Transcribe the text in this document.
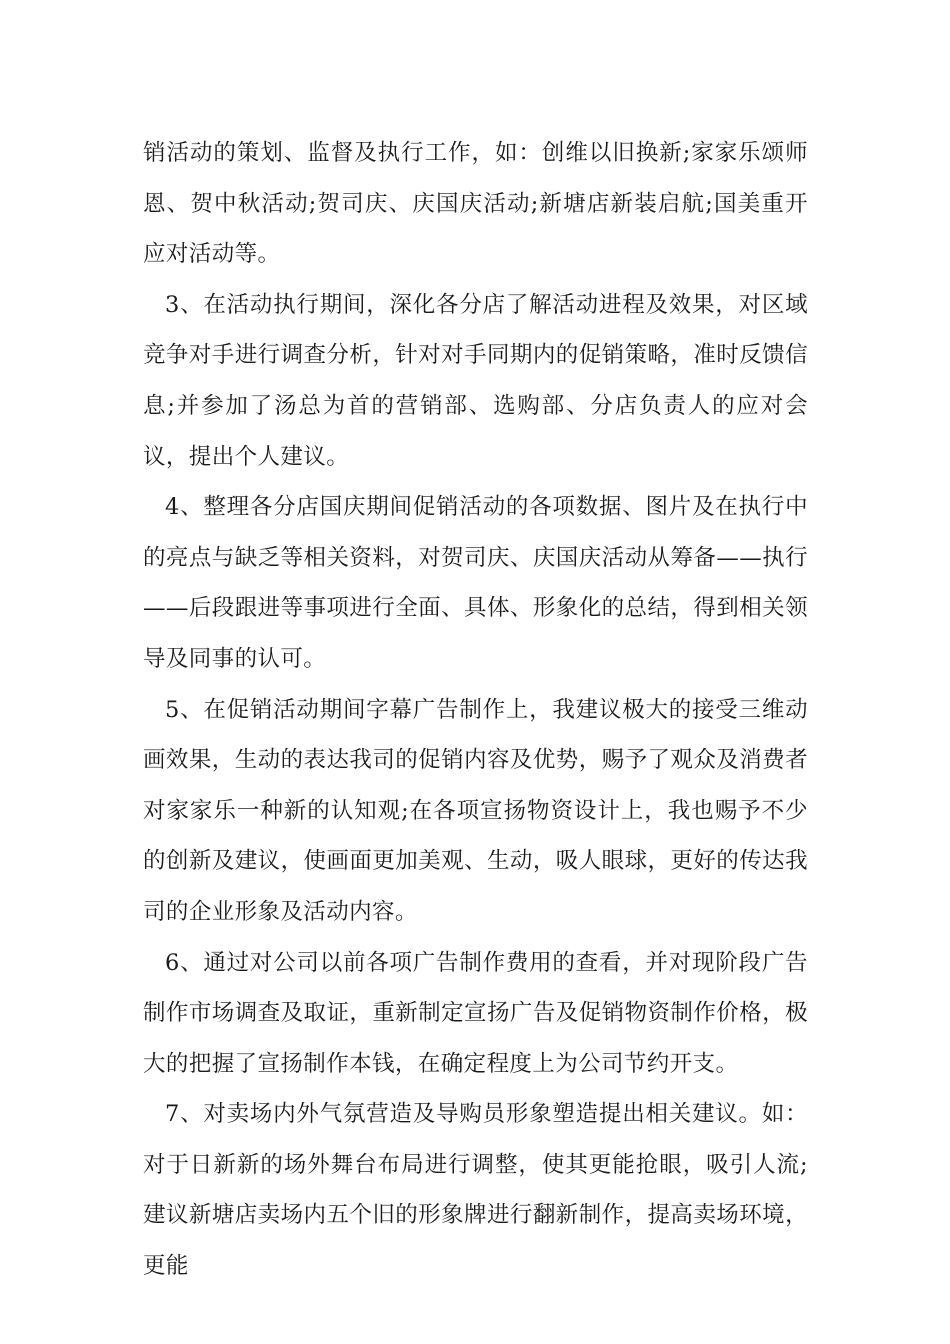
销活动的策划、监督及执行工作，如：创维以旧换新;家家乐颂师恩、贺中秋活动;贺司庆、庆国庆活动;新塘店新装启航;国美重开应对活动等。

3、在活动执行期间，深化各分店了解活动进程及效果，对区域竞争对手进行调查分析，针对对手同期内的促销策略，准时反馈信息;并参加了汤总为首的营销部、选购部、分店负责人的应对会议，提出个人建议。

4、整理各分店国庆期间促销活动的各项数据、图片及在执行中的亮点与缺乏等相关资料，对贺司庆、庆国庆活动从筹备——执行——后段跟进等事项进行全面、具体、形象化的总结，得到相关领导及同事的认可。

5、在促销活动期间字幕广告制作上，我建议极大的接受三维动画效果，生动的表达我司的促销内容及优势，赐予了观众及消费者对家家乐一种新的认知观;在各项宣扬物资设计上，我也赐予不少的创新及建议，使画面更加美观、生动，吸人眼球，更好的传达我司的企业形象及活动内容。

6、通过对公司以前各项广告制作费用的查看，并对现阶段广告制作市场调查及取证，重新制定宣扬广告及促销物资制作价格，极大的把握了宣扬制作本钱，在确定程度上为公司节约开支。

7、对卖场内外气氛营造及导购员形象塑造提出相关建议。如：对于日新新的场外舞台布局进行调整，使其更能抢眼，吸引人流;建议新塘店卖场内五个旧的形象牌进行翻新制作，提高卖场环境，更能
